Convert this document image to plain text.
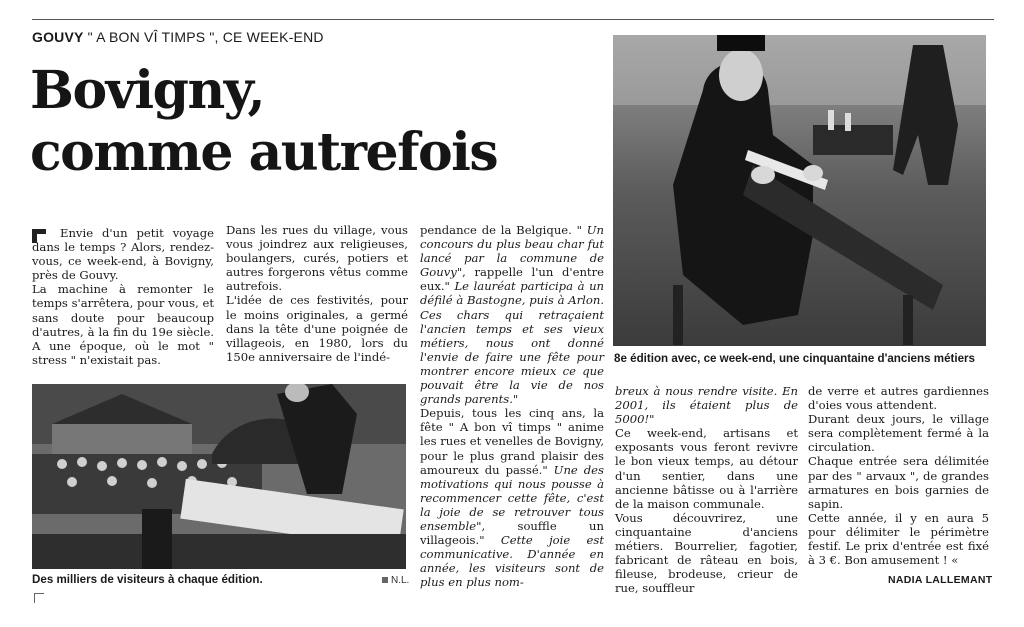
GOUVY " A BON VÎ TIMPS ", CE WEEK-END
Bovigny,
comme autrefois
8e édition avec, ce week-end, une cinquantaine d'anciens métiers
Des milliers de visiteurs à chaque édition.	N.L.

Envie d'un petit voyage dans le temps ? Alors, rendez-vous, ce week-end, à Bovigny, près de Gouvy.

La machine à remonter le temps s'arrêtera, pour vous, et sans doute pour beaucoup d'autres, à la fin du 19e siècle. A une époque, où le mot " stress " n'existait pas.

Dans les rues du village, vous vous joindrez aux religieuses, boulangers, curés, potiers et autres forgerons vêtus comme autrefois.

L'idée de ces festivités, pour le moins originales, a germé dans la tête d'une poignée de villageois, en 1980, lors du 150e anniversaire de l'indé-

pendance de la Belgique. " Un concours du plus beau char fut lancé par la commune de Gouvy", rappelle l'un d'entre eux." Le lauréat participa à un défilé à Bastogne, puis à Arlon. Ces chars qui retraçaient l'ancien temps et ses vieux métiers, nous ont donné l'envie de faire une fête pour montrer encore mieux ce que pouvait être la vie de nos grands parents."

Depuis, tous les cinq ans, la fête " A bon vî timps " anime les rues et venelles de Bovigny, pour le plus grand plaisir des amoureux du passé." Une des motivations qui nous pousse à recommencer cette fête, c'est la joie de se retrouver tous ensemble", souffle un villageois." Cette joie est communicative. D'année en année, les visiteurs sont de plus en plus nom-

breux à nous rendre visite. En 2001, ils étaient plus de 5000!"

Ce week-end, artisans et exposants vous feront revivre le bon vieux temps, au détour d'un sentier, dans une ancienne bâtisse ou à l'arrière de la maison communale.

Vous découvrirez, une cinquantaine d'anciens métiers. Bourrelier, fagotier, fabricant de râteau en bois, fileuse, brodeuse, crieur de rue, souffleur

de verre et autres gardiennes d'oies vous attendent.

Durant deux jours, le village sera complètement fermé à la circulation.

Chaque entrée sera délimitée par des " arvaux ", de grandes armatures en bois garnies de sapin.

Cette année, il y en aura 5 pour délimiter le périmètre festif. Le prix d'entrée est fixé à 3 €. Bon amusement ! «

NADIA LALLEMANT
